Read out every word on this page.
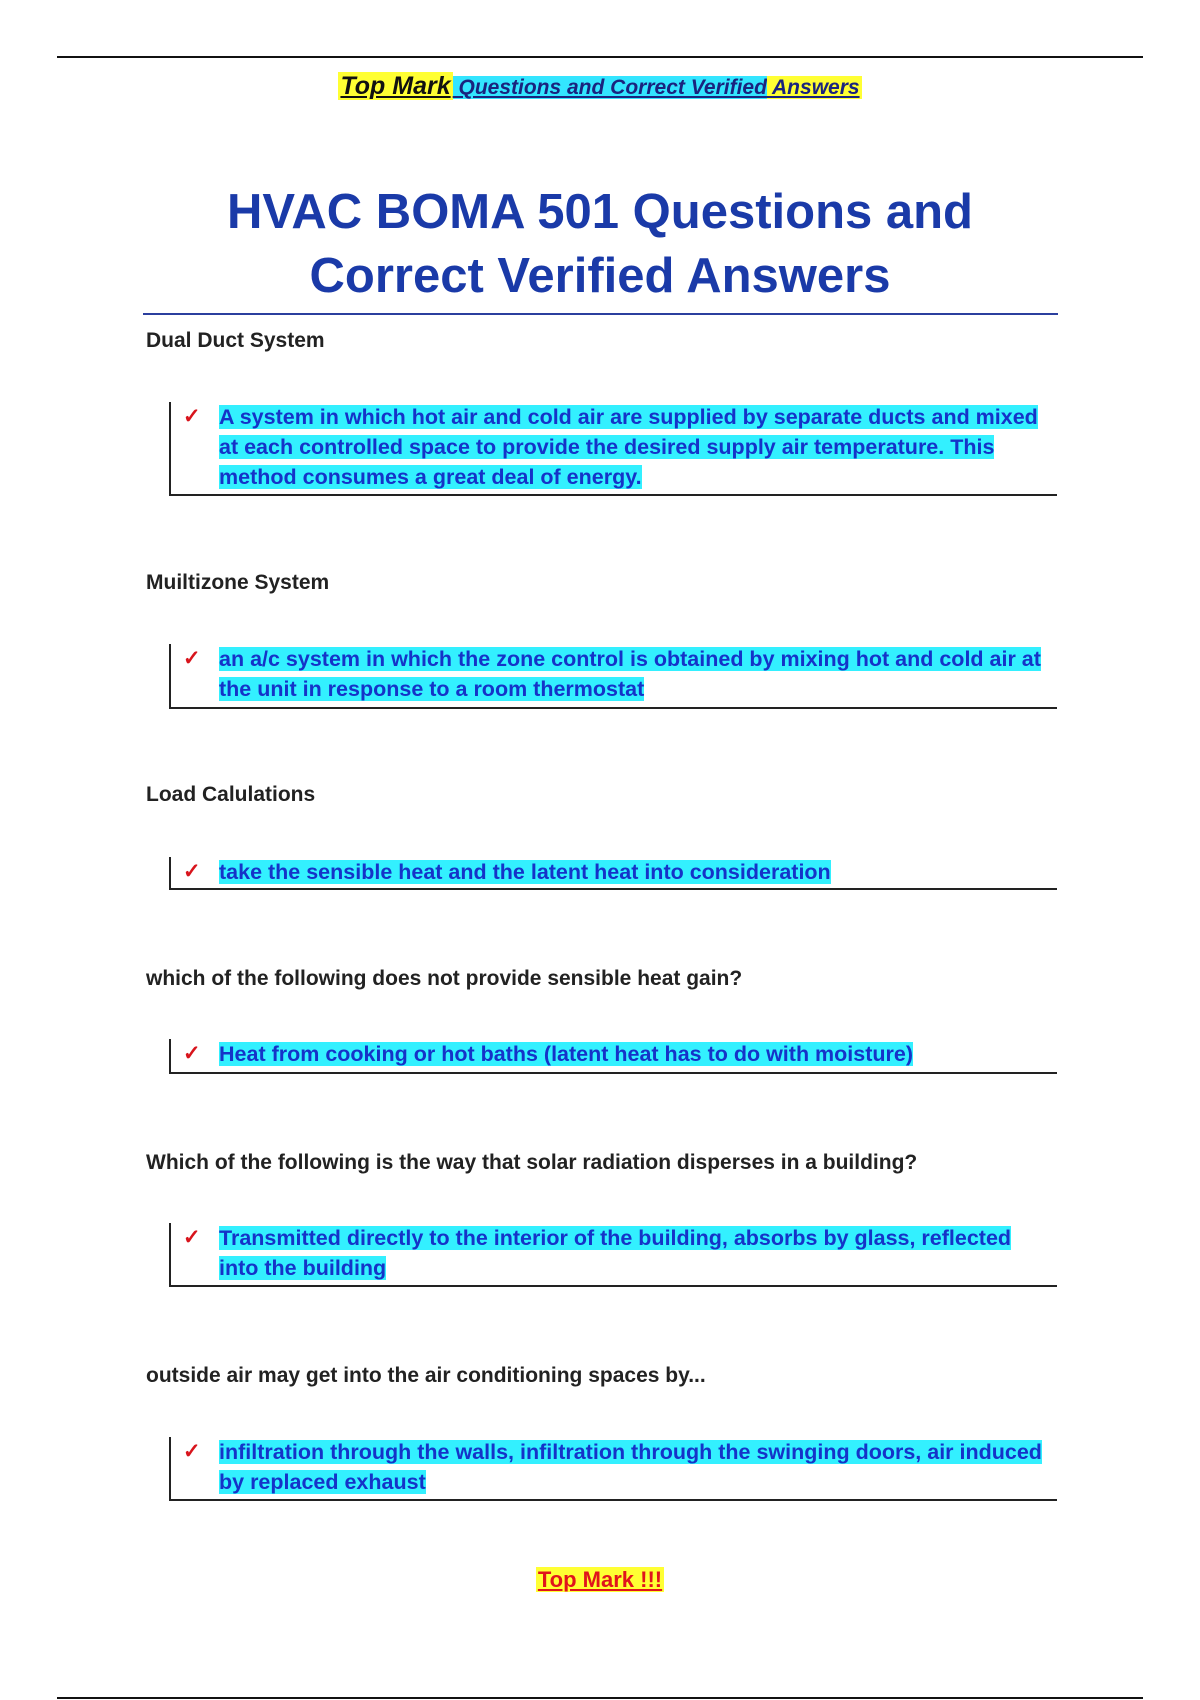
Top Mark Questions and Correct Verified Answers
HVAC BOMA 501 Questions and Correct Verified Answers
Dual Duct System
✓ A system in which hot air and cold air are supplied by separate ducts and mixed at each controlled space to provide the desired supply air temperature. This method consumes a great deal of energy.
Muiltizone System
✓ an a/c system in which the zone control is obtained by mixing hot and cold air at the unit in response to a room thermostat
Load Calulations
✓ take the sensible heat and the latent heat into consideration
which of the following does not provide sensible heat gain?
✓ Heat from cooking or hot baths (latent heat has to do with moisture)
Which of the following is the way that solar radiation disperses in a building?
✓ Transmitted directly to the interior of the building, absorbs by glass, reflected into the building
outside air may get into the air conditioning spaces by...
✓ infiltration through the walls, infiltration through the swinging doors, air induced by replaced exhaust
Top Mark !!!
